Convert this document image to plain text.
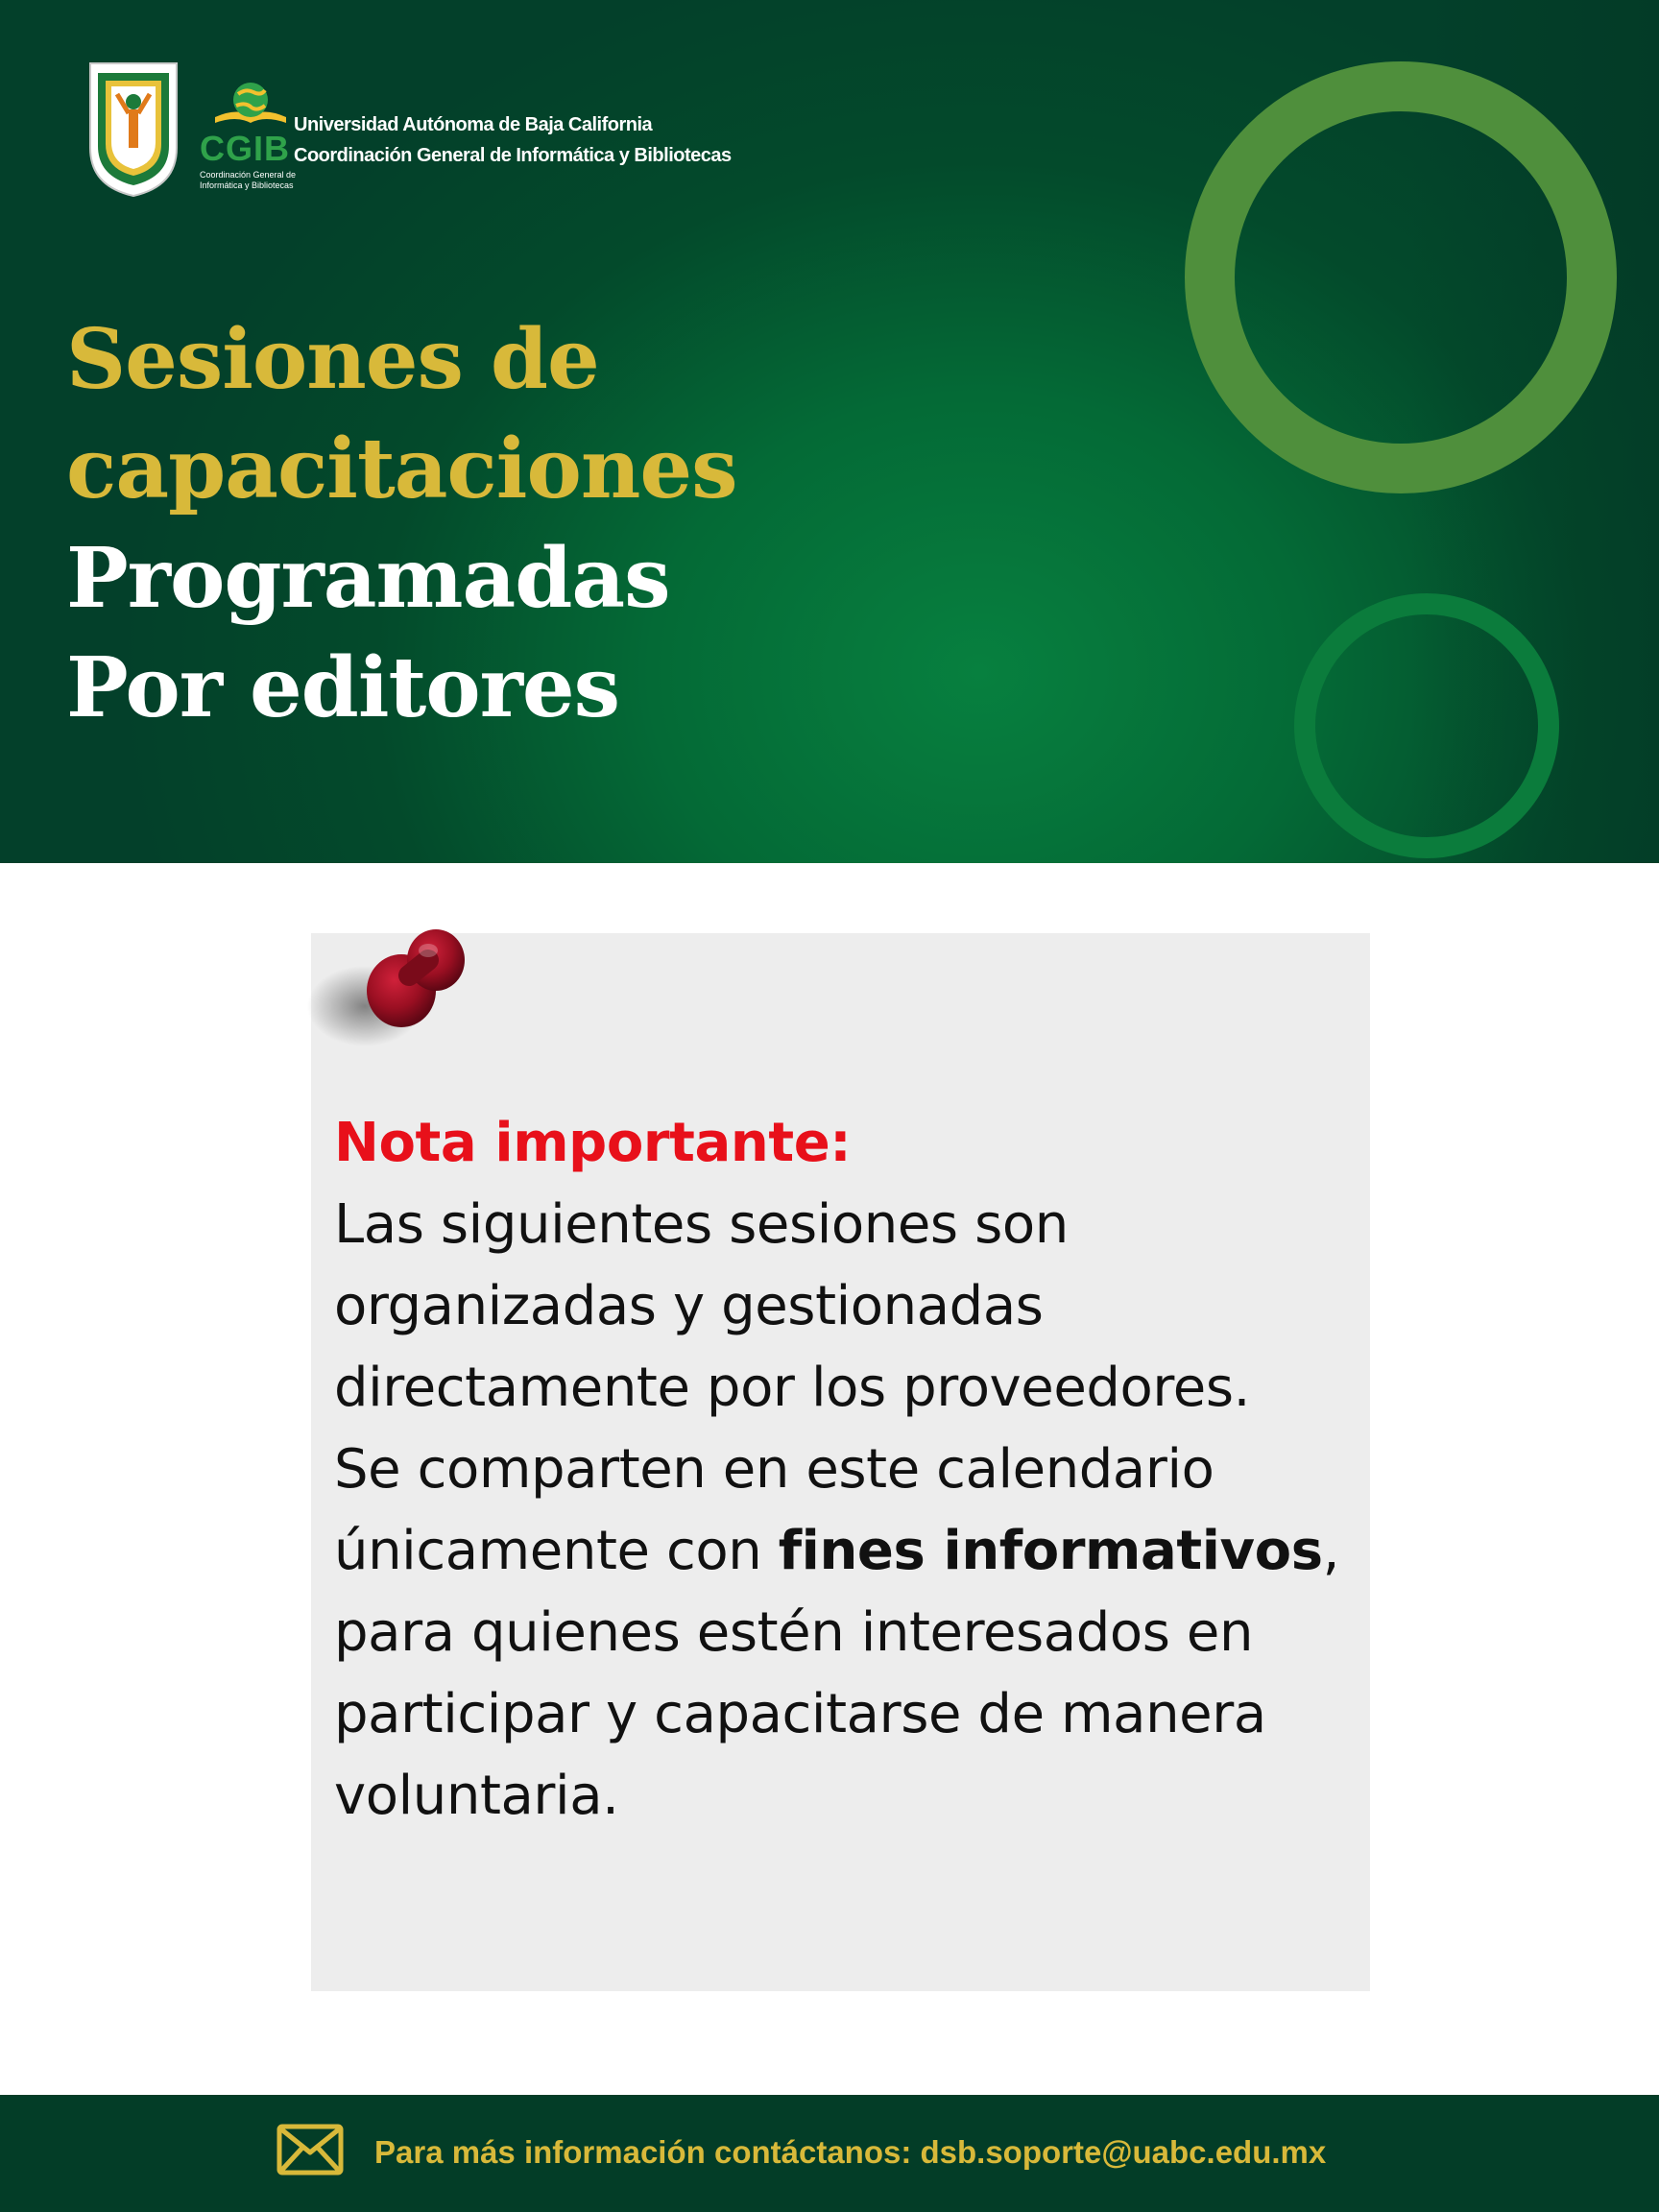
CGIB
Coordinación General de
Informática y Bibliotecas
Universidad Autónoma de Baja California
Coordinación General de Informática y Bibliotecas
Sesiones de
capacitaciones
Programadas
Por editores
Nota importante:
Las siguientes sesiones son
organizadas y gestionadas
directamente por los proveedores.
Se comparten en este calendario
únicamente con fines informativos,
para quienes estén interesados en
participar y capacitarse de manera
voluntaria.
Para más información contáctanos: dsb.soporte@uabc.edu.mx
